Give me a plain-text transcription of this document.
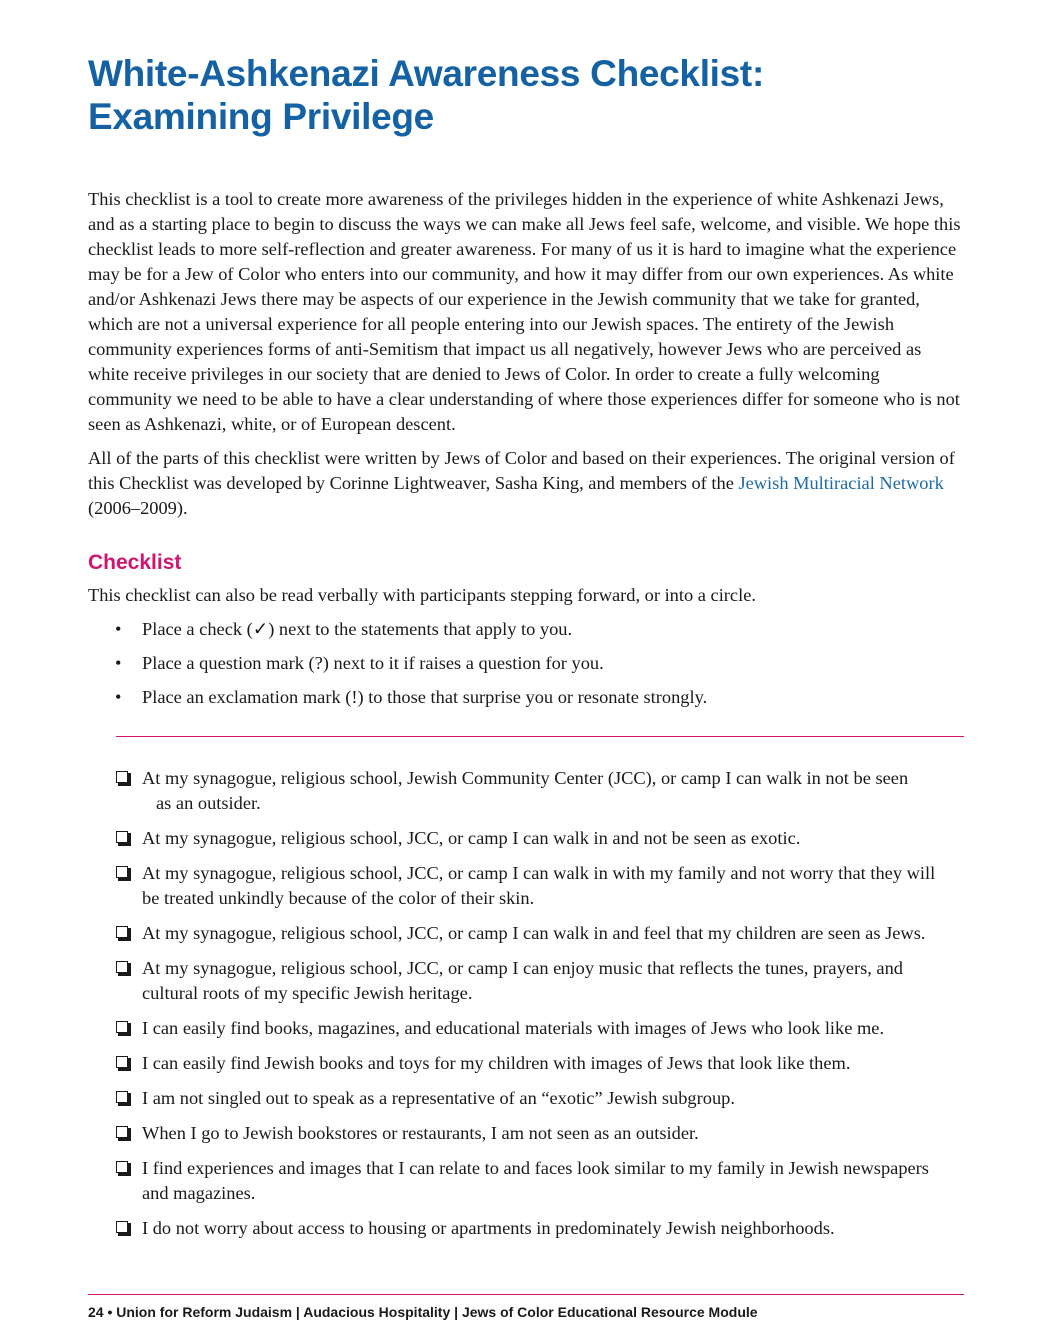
White-Ashkenazi Awareness Checklist:
Examining Privilege

This checklist is a tool to create more awareness of the privileges hidden in the experience of white Ashkenazi Jews, and as a starting place to begin to discuss the ways we can make all Jews feel safe, welcome, and visible. We hope this checklist leads to more self-reflection and greater awareness. For many of us it is hard to imagine what the experience may be for a Jew of Color who enters into our community, and how it may differ from our own experiences. As white and/or Ashkenazi Jews there may be aspects of our experience in the Jewish community that we take for granted, which are not a universal experience for all people entering into our Jewish spaces. The entirety of the Jewish community experiences forms of anti-Semitism that impact us all negatively, however Jews who are perceived as white receive privileges in our society that are denied to Jews of Color. In order to create a fully welcoming community we need to be able to have a clear understanding of where those experiences differ for someone who is not seen as Ashkenazi, white, or of European descent.

All of the parts of this checklist were written by Jews of Color and based on their experiences. The original version of this Checklist was developed by Corinne Lightweaver, Sasha King, and members of the Jewish Multiracial Network (2006–2009).

Checklist

This checklist can also be read verbally with participants stepping forward, or into a circle.

• Place a check (✓) next to the statements that apply to you.
• Place a question mark (?) next to it if raises a question for you.
• Place an exclamation mark (!) to those that surprise you or resonate strongly.
At my synagogue, religious school, Jewish Community Center (JCC), or camp I can walk in not be seen
as an outsider.
At my synagogue, religious school, JCC, or camp I can walk in and not be seen as exotic.
At my synagogue, religious school, JCC, or camp I can walk in with my family and not worry that they will
be treated unkindly because of the color of their skin.
At my synagogue, religious school, JCC, or camp I can walk in and feel that my children are seen as Jews.
At my synagogue, religious school, JCC, or camp I can enjoy music that reflects the tunes, prayers, and
cultural roots of my specific Jewish heritage.
I can easily find books, magazines, and educational materials with images of Jews who look like me.
I can easily find Jewish books and toys for my children with images of Jews that look like them.
I am not singled out to speak as a representative of an “exotic” Jewish subgroup.
When I go to Jewish bookstores or restaurants, I am not seen as an outsider.
I find experiences and images that I can relate to and faces look similar to my family in Jewish newspapers
and magazines.
I do not worry about access to housing or apartments in predominately Jewish neighborhoods.

24 • Union for Reform Judaism | Audacious Hospitality | Jews of Color Educational Resource Module
